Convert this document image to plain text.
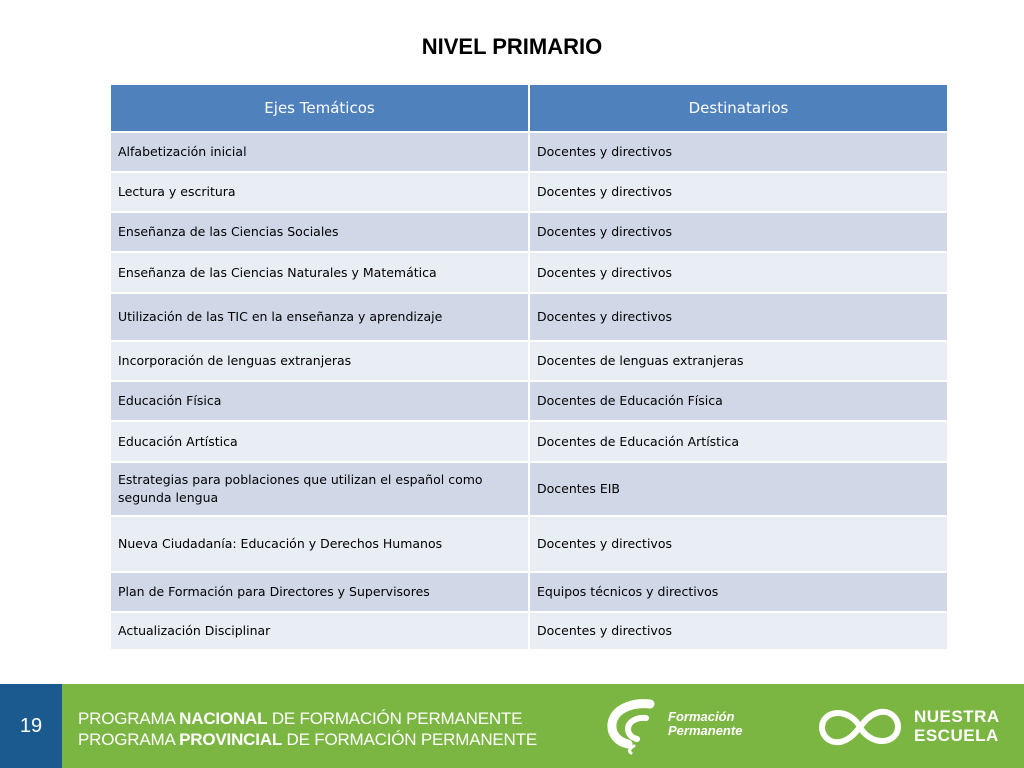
NIVEL PRIMARIO
Ejes Temáticos	Destinatarios
Alfabetización inicial	Docentes y directivos
Lectura y escritura	Docentes y directivos
Enseñanza de las Ciencias Sociales	Docentes y directivos
Enseñanza de las Ciencias Naturales y Matemática	Docentes y directivos
Utilización de las TIC en la enseñanza y aprendizaje	Docentes y directivos
Incorporación de lenguas extranjeras	Docentes de lenguas extranjeras
Educación Física	Docentes de Educación Física
Educación Artística	Docentes de Educación Artística
Estrategias para poblaciones que utilizan el español como segunda lengua	Docentes EIB
Nueva Ciudadanía: Educación y Derechos Humanos	Docentes y directivos
Plan de Formación para Directores y Supervisores	Equipos técnicos y directivos
Actualización Disciplinar	Docentes y directivos
19	PROGRAMA NACIONAL DE FORMACIÓN PERMANENTE
PROGRAMA PROVINCIAL DE FORMACIÓN PERMANENTE
Formación
Permanente
NUESTRA
ESCUELA
